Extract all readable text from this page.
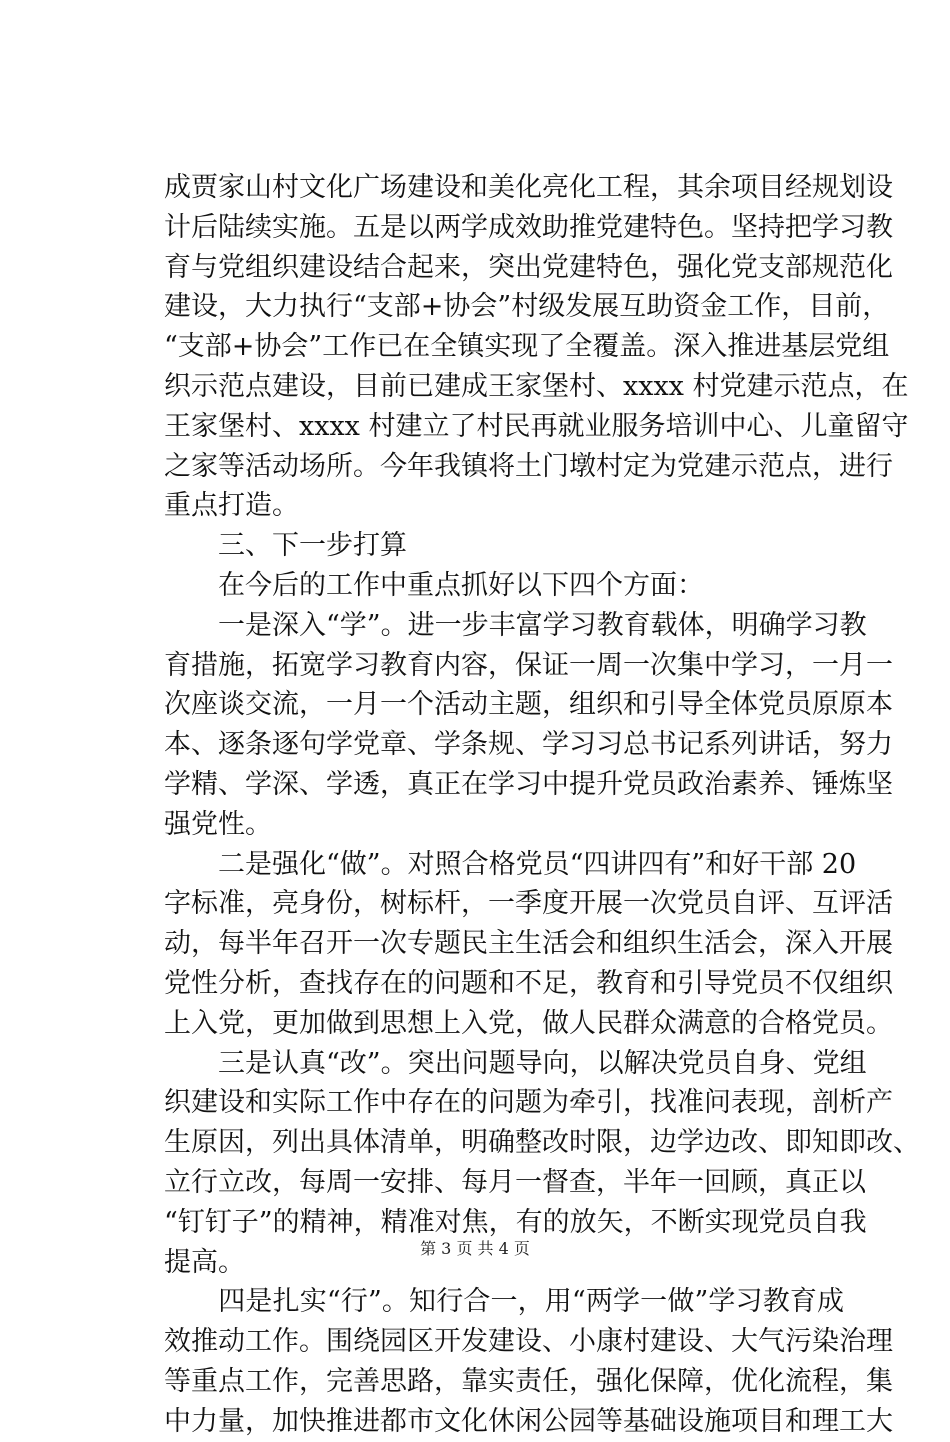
成贾家山村文化广场建设和美化亮化工程，其余项目经规划设
计后陆续实施。五是以两学成效助推党建特色。坚持把学习教
育与党组织建设结合起来，突出党建特色，强化党支部规范化
建设，大力执行“支部+协会”村级发展互助资金工作，目前，
“支部+协会”工作已在全镇实现了全覆盖。深入推进基层党组
织示范点建设，目前已建成王家堡村、xxxx 村党建示范点，在
王家堡村、xxxx 村建立了村民再就业服务培训中心、儿童留守
之家等活动场所。今年我镇将土门墩村定为党建示范点，进行
重点打造。
　　三、下一步打算
　　在今后的工作中重点抓好以下四个方面：
　　一是深入“学”。进一步丰富学习教育载体，明确学习教
育措施，拓宽学习教育内容，保证一周一次集中学习，一月一
次座谈交流，一月一个活动主题，组织和引导全体党员原原本
本、逐条逐句学党章、学条规、学习习总书记系列讲话，努力
学精、学深、学透，真正在学习中提升党员政治素养、锤炼坚
强党性。
　　二是强化“做”。对照合格党员“四讲四有”和好干部 20
字标准，亮身份，树标杆，一季度开展一次党员自评、互评活
动，每半年召开一次专题民主生活会和组织生活会，深入开展
党性分析，查找存在的问题和不足，教育和引导党员不仅组织
上入党，更加做到思想上入党，做人民群众满意的合格党员。
　　三是认真“改”。突出问题导向，以解决党员自身、党组
织建设和实际工作中存在的问题为牵引，找准问表现，剖析产
生原因，列出具体清单，明确整改时限，边学边改、即知即改、
立行立改，每周一安排、每月一督查，半年一回顾，真正以
“钉钉子”的精神，精准对焦，有的放矢，不断实现党员自我
提高。
　　四是扎实“行”。知行合一，用“两学一做”学习教育成
效推动工作。围绕园区开发建设、小康村建设、大气污染治理
等重点工作，完善思路，靠实责任，强化保障，优化流程，集
中力量，加快推进都市文化休闲公园等基础设施项目和理工大
第 3 页 共 4 页
